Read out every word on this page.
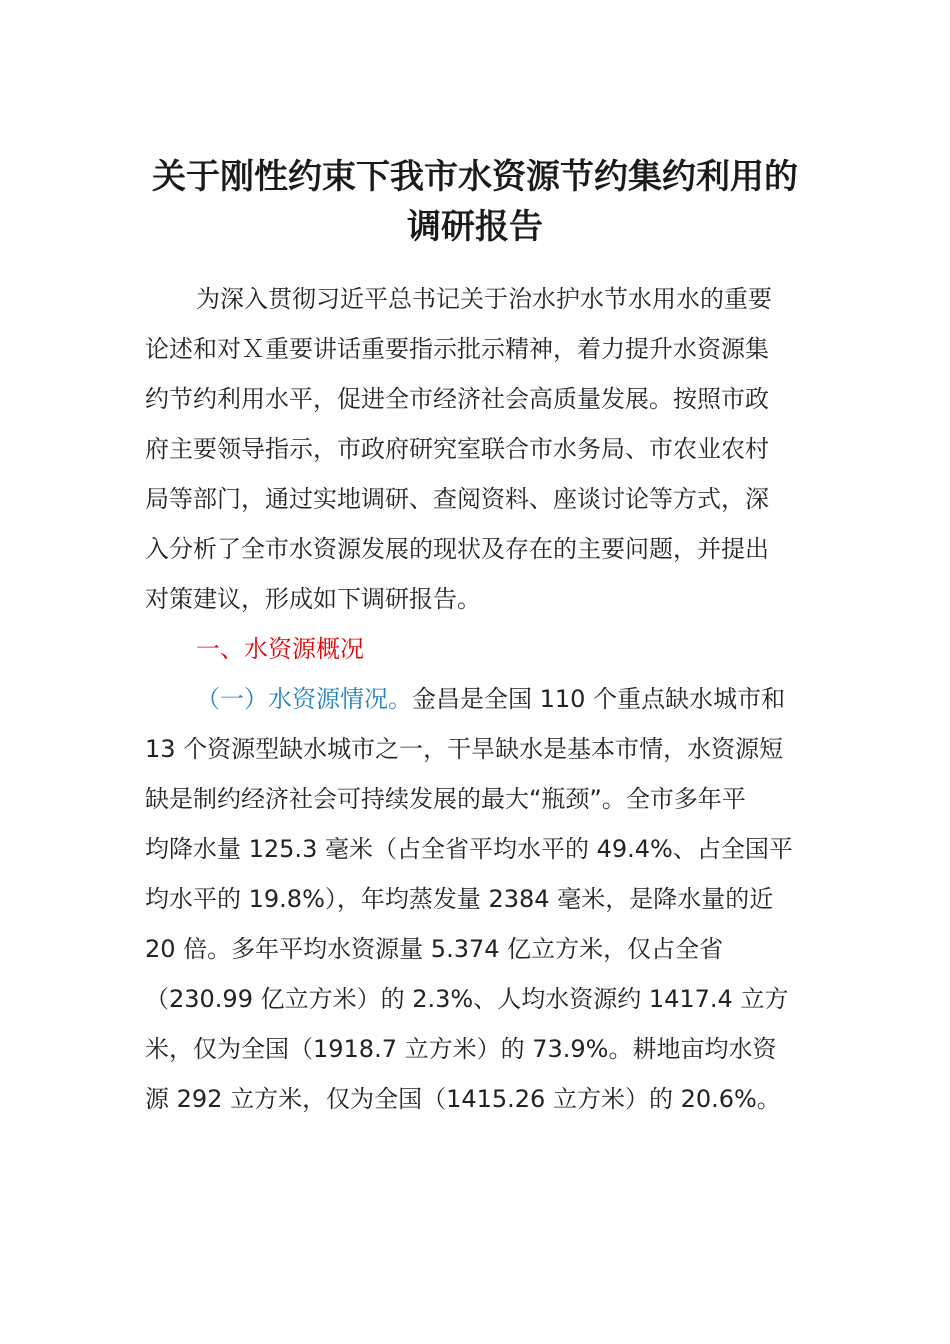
关于刚性约束下我市水资源节约集约利用的
调研报告

为深入贯彻习近平总书记关于治水护水节水用水的重要

论述和对Ｘ重要讲话重要指示批示精神，着力提升水资源集

约节约利用水平，促进全市经济社会高质量发展。按照市政

府主要领导指示，市政府研究室联合市水务局、市农业农村

局等部门，通过实地调研、查阅资料、座谈讨论等方式，深

入分析了全市水资源发展的现状及存在的主要问题，并提出

对策建议，形成如下调研报告。

一、水资源概况

（一）水资源情况。金昌是全国 110 个重点缺水城市和

13 个资源型缺水城市之一，干旱缺水是基本市情，水资源短

缺是制约经济社会可持续发展的最大“瓶颈”。全市多年平

均降水量 125.3 毫米（占全省平均水平的 49.4%、占全国平

均水平的 19.8%），年均蒸发量 2384 毫米，是降水量的近

20 倍。多年平均水资源量 5.374 亿立方米，仅占全省

（230.99 亿立方米）的 2.3%、人均水资源约 1417.4 立方

米，仅为全国（1918.7 立方米）的 73.9%。耕地亩均水资

源 292 立方米，仅为全国（1415.26 立方米）的 20.6%。
